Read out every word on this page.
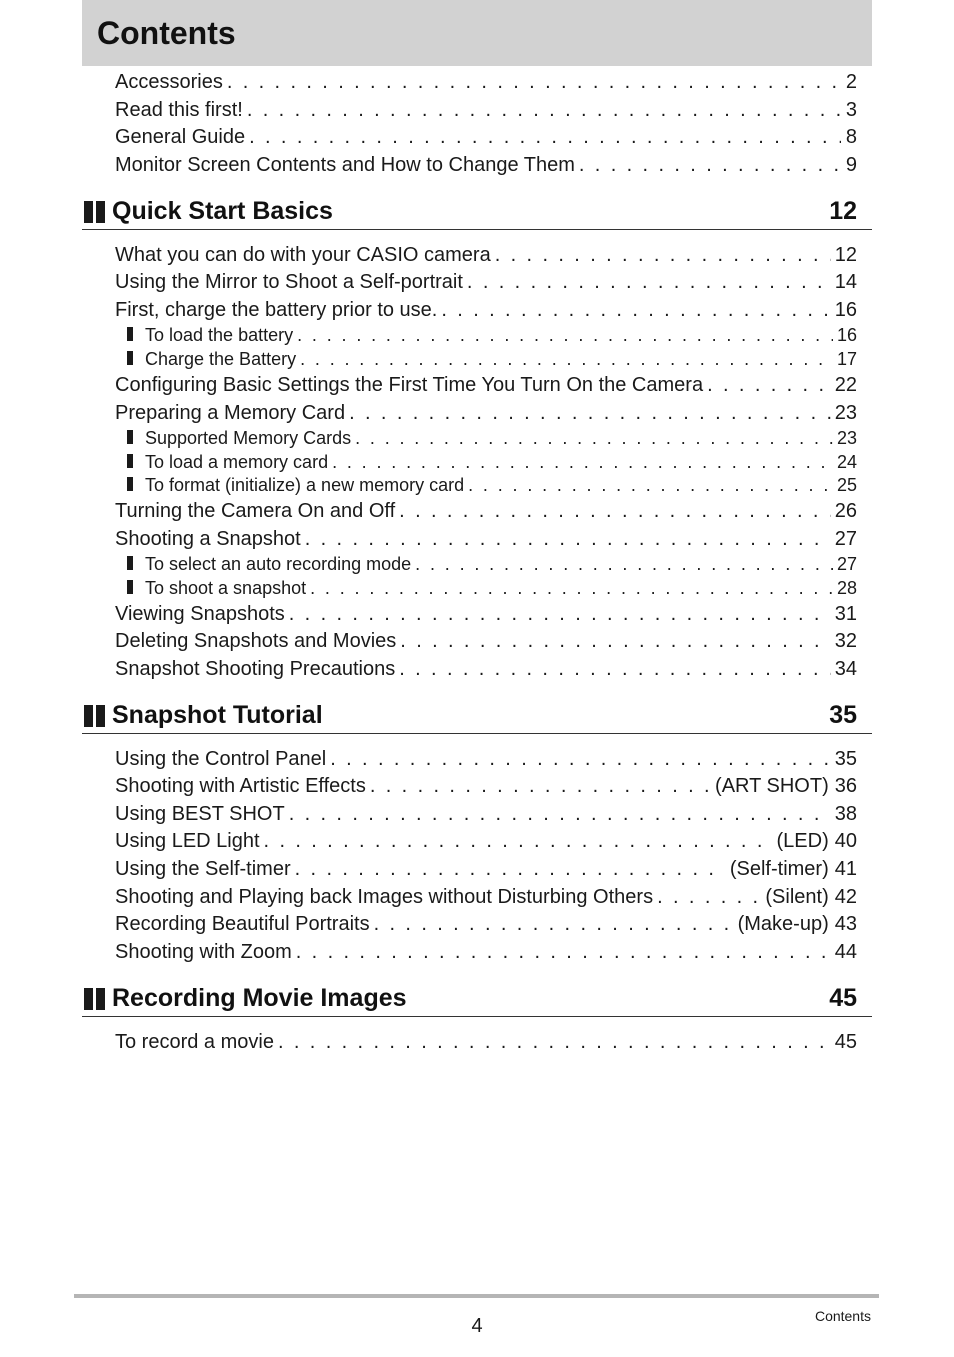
Contents
Accessories . . .	2
Read this first! . . .	3
General Guide . . .	8
Monitor Screen Contents and How to Change Them . . .	9
Quick Start Basics	12
What you can do with your CASIO camera . . .	12
Using the Mirror to Shoot a Self-portrait . . .	14
First, charge the battery prior to use. . . .	16
To load the battery . . .	16
Charge the Battery . . .	17
Configuring Basic Settings the First Time You Turn On the Camera . . .	22
Preparing a Memory Card . . .	23
Supported Memory Cards . . .	23
To load a memory card . . .	24
To format (initialize) a new memory card . . .	25
Turning the Camera On and Off . . .	26
Shooting a Snapshot . . .	27
To select an auto recording mode . . .	27
To shoot a snapshot . . .	28
Viewing Snapshots . . .	31
Deleting Snapshots and Movies . . .	32
Snapshot Shooting Precautions . . .	34
Snapshot Tutorial	35
Using the Control Panel . . .	35
Shooting with Artistic Effects . . .	(ART SHOT) 36
Using BEST SHOT . . .	38
Using LED Light . . .	(LED) 40
Using the Self-timer . . .	(Self-timer) 41
Shooting and Playing back Images without Disturbing Others . . .	(Silent) 42
Recording Beautiful Portraits . . .	(Make-up) 43
Shooting with Zoom . . .	44
Recording Movie Images	45
To record a movie . . .	45
4	Contents
